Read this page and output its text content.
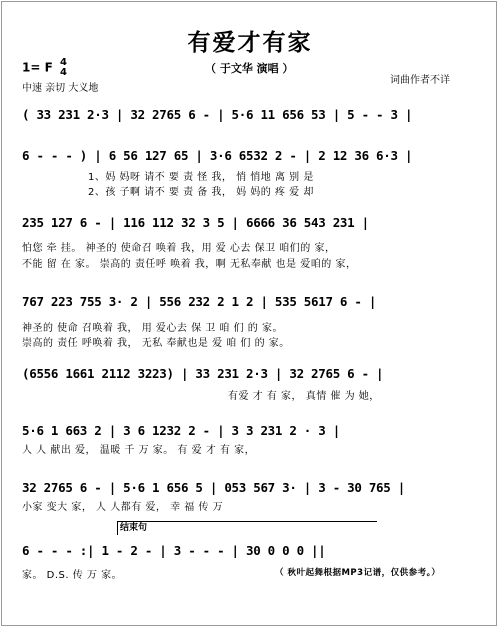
有爱才有家
（ 于文华 演唱 ）
1= F 4
4
中速 亲切 大义地
词曲作者不详
( 33 231 2·3 | 32 2765 6 - | 5·6 11 656 53 | 5 - - 3 |
6 - - - ) | 6 56 127 65 | 3·6 6532 2 - | 2 12 36 6·3 |
1、妈 妈呀 请不 要 责 怪 我， 悄 悄地 离 别 是
2、孩 子啊 请不 要 责 备 我， 妈 妈的 疼 爱 却
235 127 6 - | 116 112 32 3 5 | 6666 36 543 231 |
怕您 牵 挂。 神圣的 使命召 唤着 我，用 爱 心去 保卫 咱们的 家，
不能 留 在 家。 崇高的 责任呼 唤着 我，啊 无私奉献 也是 爱咱的 家，
767 223 755 3· 2 | 556 232 2 1 2 | 535 5617 6 - |
神圣的 使命 召唤着 我， 用 爱心去 保 卫 咱 们 的 家。
崇高的 责任 呼唤着 我， 无私 奉献也是 爱 咱 们 的 家。
(6556 1661 2112 3223) | 33 231 2·3 | 32 2765 6 - |
有爱 才 有 家， 真情 催 为 她，
5·6 1 663 2 | 3 6 1232 2 - | 3 3 231 2 · 3 |
人 人 献出 爱， 温暖 千 万 家。 有 爱 才 有 家，
32 2765 6 - | 5·6 1 656 5 | 053 567 3· | 3 - 30 765 |
小家 变大 家， 人 人都有 爱， 幸 福 传 万
结束句
6 - - - :| 1 - 2 - | 3 - - - | 30 0 0 0 ||
家。 D.S. 传 万 家。	（ 秋叶起舞根据MP3记谱，仅供参考。）
